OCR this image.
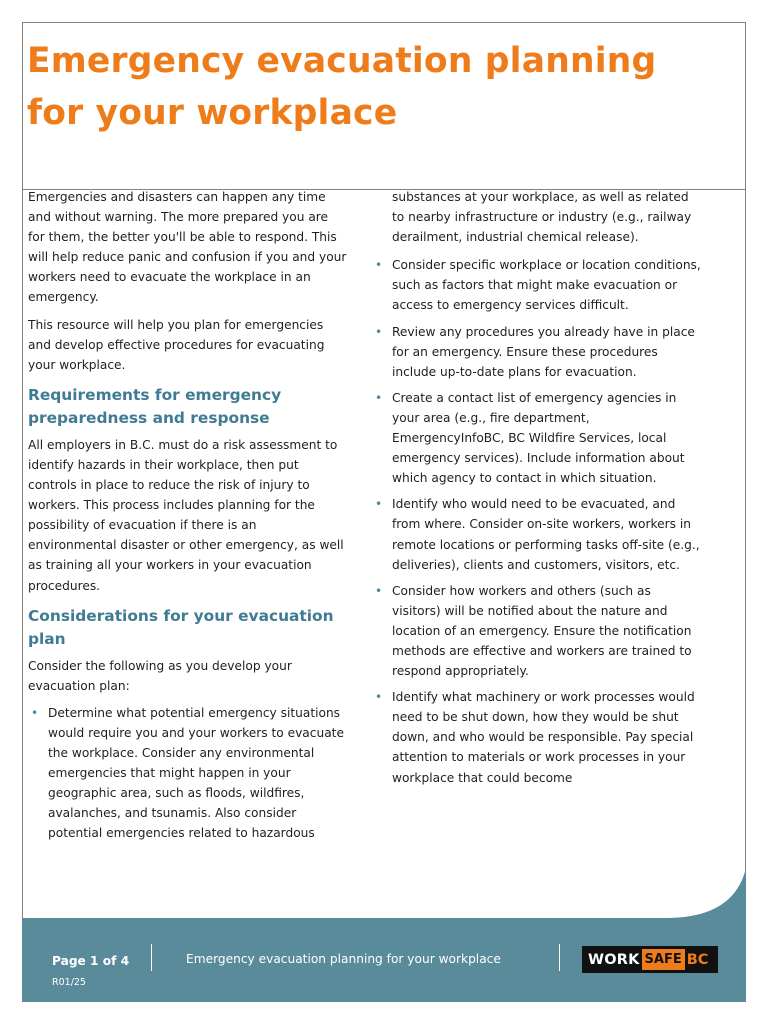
Emergency evacuation planning for your workplace

Emergencies and disasters can happen any time and without warning. The more prepared you are for them, the better you'll be able to respond. This will help reduce panic and confusion if you and your workers need to evacuate the workplace in an emergency.

This resource will help you plan for emergencies and develop effective procedures for evacuating your workplace.

Requirements for emergency preparedness and response

All employers in B.C. must do a risk assessment to identify hazards in their workplace, then put controls in place to reduce the risk of injury to workers. This process includes planning for the possibility of evacuation if there is an environmental disaster or other emergency, as well as training all your workers in your evacuation procedures.

Considerations for your evacuation plan

Consider the following as you develop your evacuation plan:

• Determine what potential emergency situations would require you and your workers to evacuate the workplace. Consider any environmental emergencies that might happen in your geographic area, such as floods, wildfires, avalanches, and tsunamis. Also consider potential emergencies related to hazardous

substances at your workplace, as well as related to nearby infrastructure or industry (e.g., railway derailment, industrial chemical release).

• Consider specific workplace or location conditions, such as factors that might make evacuation or access to emergency services difficult.
• Review any procedures you already have in place for an emergency. Ensure these procedures include up-to-date plans for evacuation.
• Create a contact list of emergency agencies in your area (e.g., fire department, EmergencyInfoBC, BC Wildfire Services, local emergency services). Include information about which agency to contact in which situation.
• Identify who would need to be evacuated, and from where. Consider on-site workers, workers in remote locations or performing tasks off-site (e.g., deliveries), clients and customers, visitors, etc.
• Consider how workers and others (such as visitors) will be notified about the nature and location of an emergency. Ensure the notification methods are effective and workers are trained to respond appropriately.
• Identify what machinery or work processes would need to be shut down, how they would be shut down, and who would be responsible. Pay special attention to materials or work processes in your workplace that could become

Page 1 of 4

R01/25

Emergency evacuation planning for your workplace	WORK SAFE BC
